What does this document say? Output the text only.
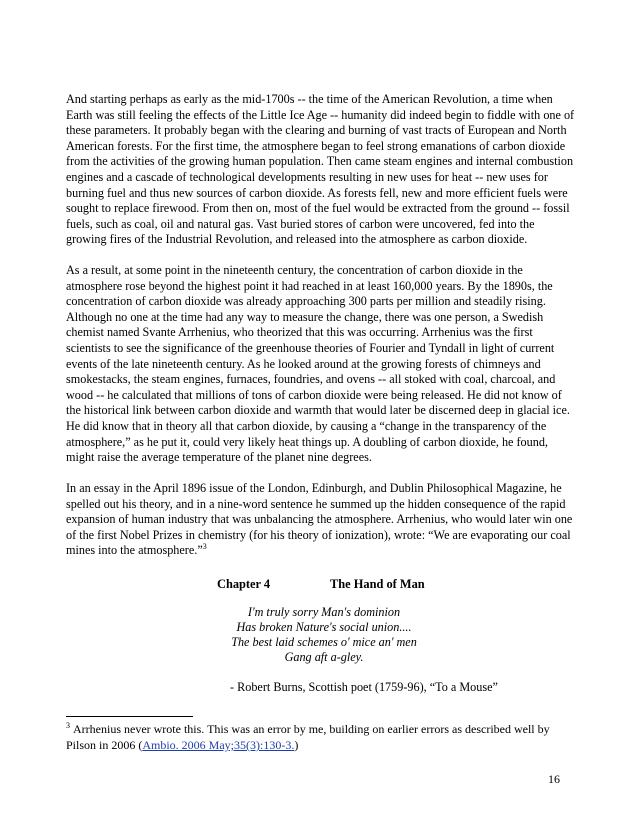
And starting perhaps as early as the mid-1700s -- the time of the American Revolution, a time when Earth was still feeling the effects of the Little Ice Age -- humanity did indeed begin to fiddle with one of these parameters. It probably began with the clearing and burning of vast tracts of European and North American forests. For the first time, the atmosphere began to feel strong emanations of carbon dioxide from the activities of the growing human population. Then came steam engines and internal combustion engines and a cascade of technological developments resulting in new uses for heat -- new uses for burning fuel and thus new sources of carbon dioxide. As forests fell, new and more efficient fuels were sought to replace firewood. From then on, most of the fuel would be extracted from the ground -- fossil fuels, such as coal, oil and natural gas. Vast buried stores of carbon were uncovered, fed into the growing fires of the Industrial Revolution, and released into the atmosphere as carbon dioxide.

As a result, at some point in the nineteenth century, the concentration of carbon dioxide in the atmosphere rose beyond the highest point it had reached in at least 160,000 years. By the 1890s, the concentration of carbon dioxide was already approaching 300 parts per million and steadily rising. Although no one at the time had any way to measure the change, there was one person, a Swedish chemist named Svante Arrhenius, who theorized that this was occurring. Arrhenius was the first scientists to see the significance of the greenhouse theories of Fourier and Tyndall in light of current events of the late nineteenth century. As he looked around at the growing forests of chimneys and smokestacks, the steam engines, furnaces, foundries, and ovens -- all stoked with coal, charcoal, and wood -- he calculated that millions of tons of carbon dioxide were being released. He did not know of the historical link between carbon dioxide and warmth that would later be discerned deep in glacial ice. He did know that in theory all that carbon dioxide, by causing a “change in the transparency of the atmosphere,” as he put it, could very likely heat things up. A doubling of carbon dioxide, he found, might raise the average temperature of the planet nine degrees.

In an essay in the April 1896 issue of the London, Edinburgh, and Dublin Philosophical Magazine, he spelled out his theory, and in a nine-word sentence he summed up the hidden consequence of the rapid expansion of human industry that was unbalancing the atmosphere. Arrhenius, who would later win one of the first Nobel Prizes in chemistry (for his theory of ionization), wrote: “We are evaporating our coal mines into the atmosphere.”$^3$

Chapter 4	The Hand of Man
I'm truly sorry Man's dominion
Has broken Nature's social union....
The best laid schemes o' mice an' men
Gang aft a-gley.
- Robert Burns, Scottish poet (1759-96), “To a Mouse”
$^3$ Arrhenius never wrote this. This was an error by me, building on earlier errors as described well by Pilson in 2006 (Ambio. 2006 May;35(3):130-3.)
16
